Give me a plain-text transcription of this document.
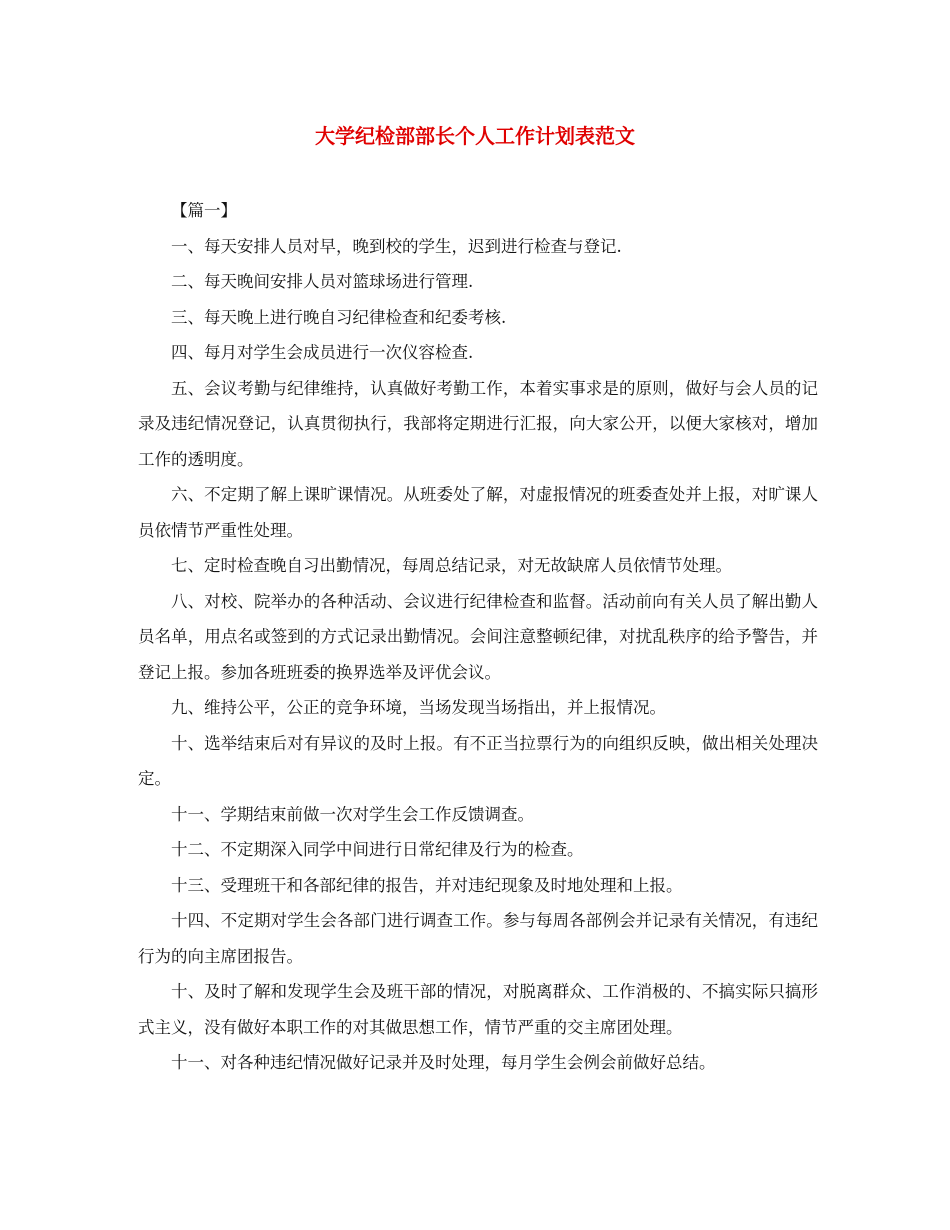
大学纪检部部长个人工作计划表范文

【篇一】

一、每天安排人员对早，晚到校的学生，迟到进行检查与登记.

二、每天晚间安排人员对篮球场进行管理.

三、每天晚上进行晚自习纪律检查和纪委考核.

四、每月对学生会成员进行一次仪容检查.

五、会议考勤与纪律维持，认真做好考勤工作，本着实事求是的原则，做好与会人员的记录及违纪情况登记，认真贯彻执行，我部将定期进行汇报，向大家公开，以便大家核对，增加工作的透明度。

六、不定期了解上课旷课情况。从班委处了解，对虚报情况的班委查处并上报，对旷课人员依情节严重性处理。

七、定时检查晚自习出勤情况，每周总结记录，对无故缺席人员依情节处理。

八、对校、院举办的各种活动、会议进行纪律检查和监督。活动前向有关人员了解出勤人员名单，用点名或签到的方式记录出勤情况。会间注意整顿纪律，对扰乱秩序的给予警告，并登记上报。参加各班班委的换界选举及评优会议。

九、维持公平，公正的竞争环境，当场发现当场指出，并上报情况。

十、选举结束后对有异议的及时上报。有不正当拉票行为的向组织反映，做出相关处理决定。

十一、学期结束前做一次对学生会工作反馈调查。

十二、不定期深入同学中间进行日常纪律及行为的检查。

十三、受理班干和各部纪律的报告，并对违纪现象及时地处理和上报。

十四、不定期对学生会各部门进行调查工作。参与每周各部例会并记录有关情况，有违纪行为的向主席团报告。

十、及时了解和发现学生会及班干部的情况，对脱离群众、工作消极的、不搞实际只搞形式主义，没有做好本职工作的对其做思想工作，情节严重的交主席团处理。

十一、对各种违纪情况做好记录并及时处理，每月学生会例会前做好总结。
